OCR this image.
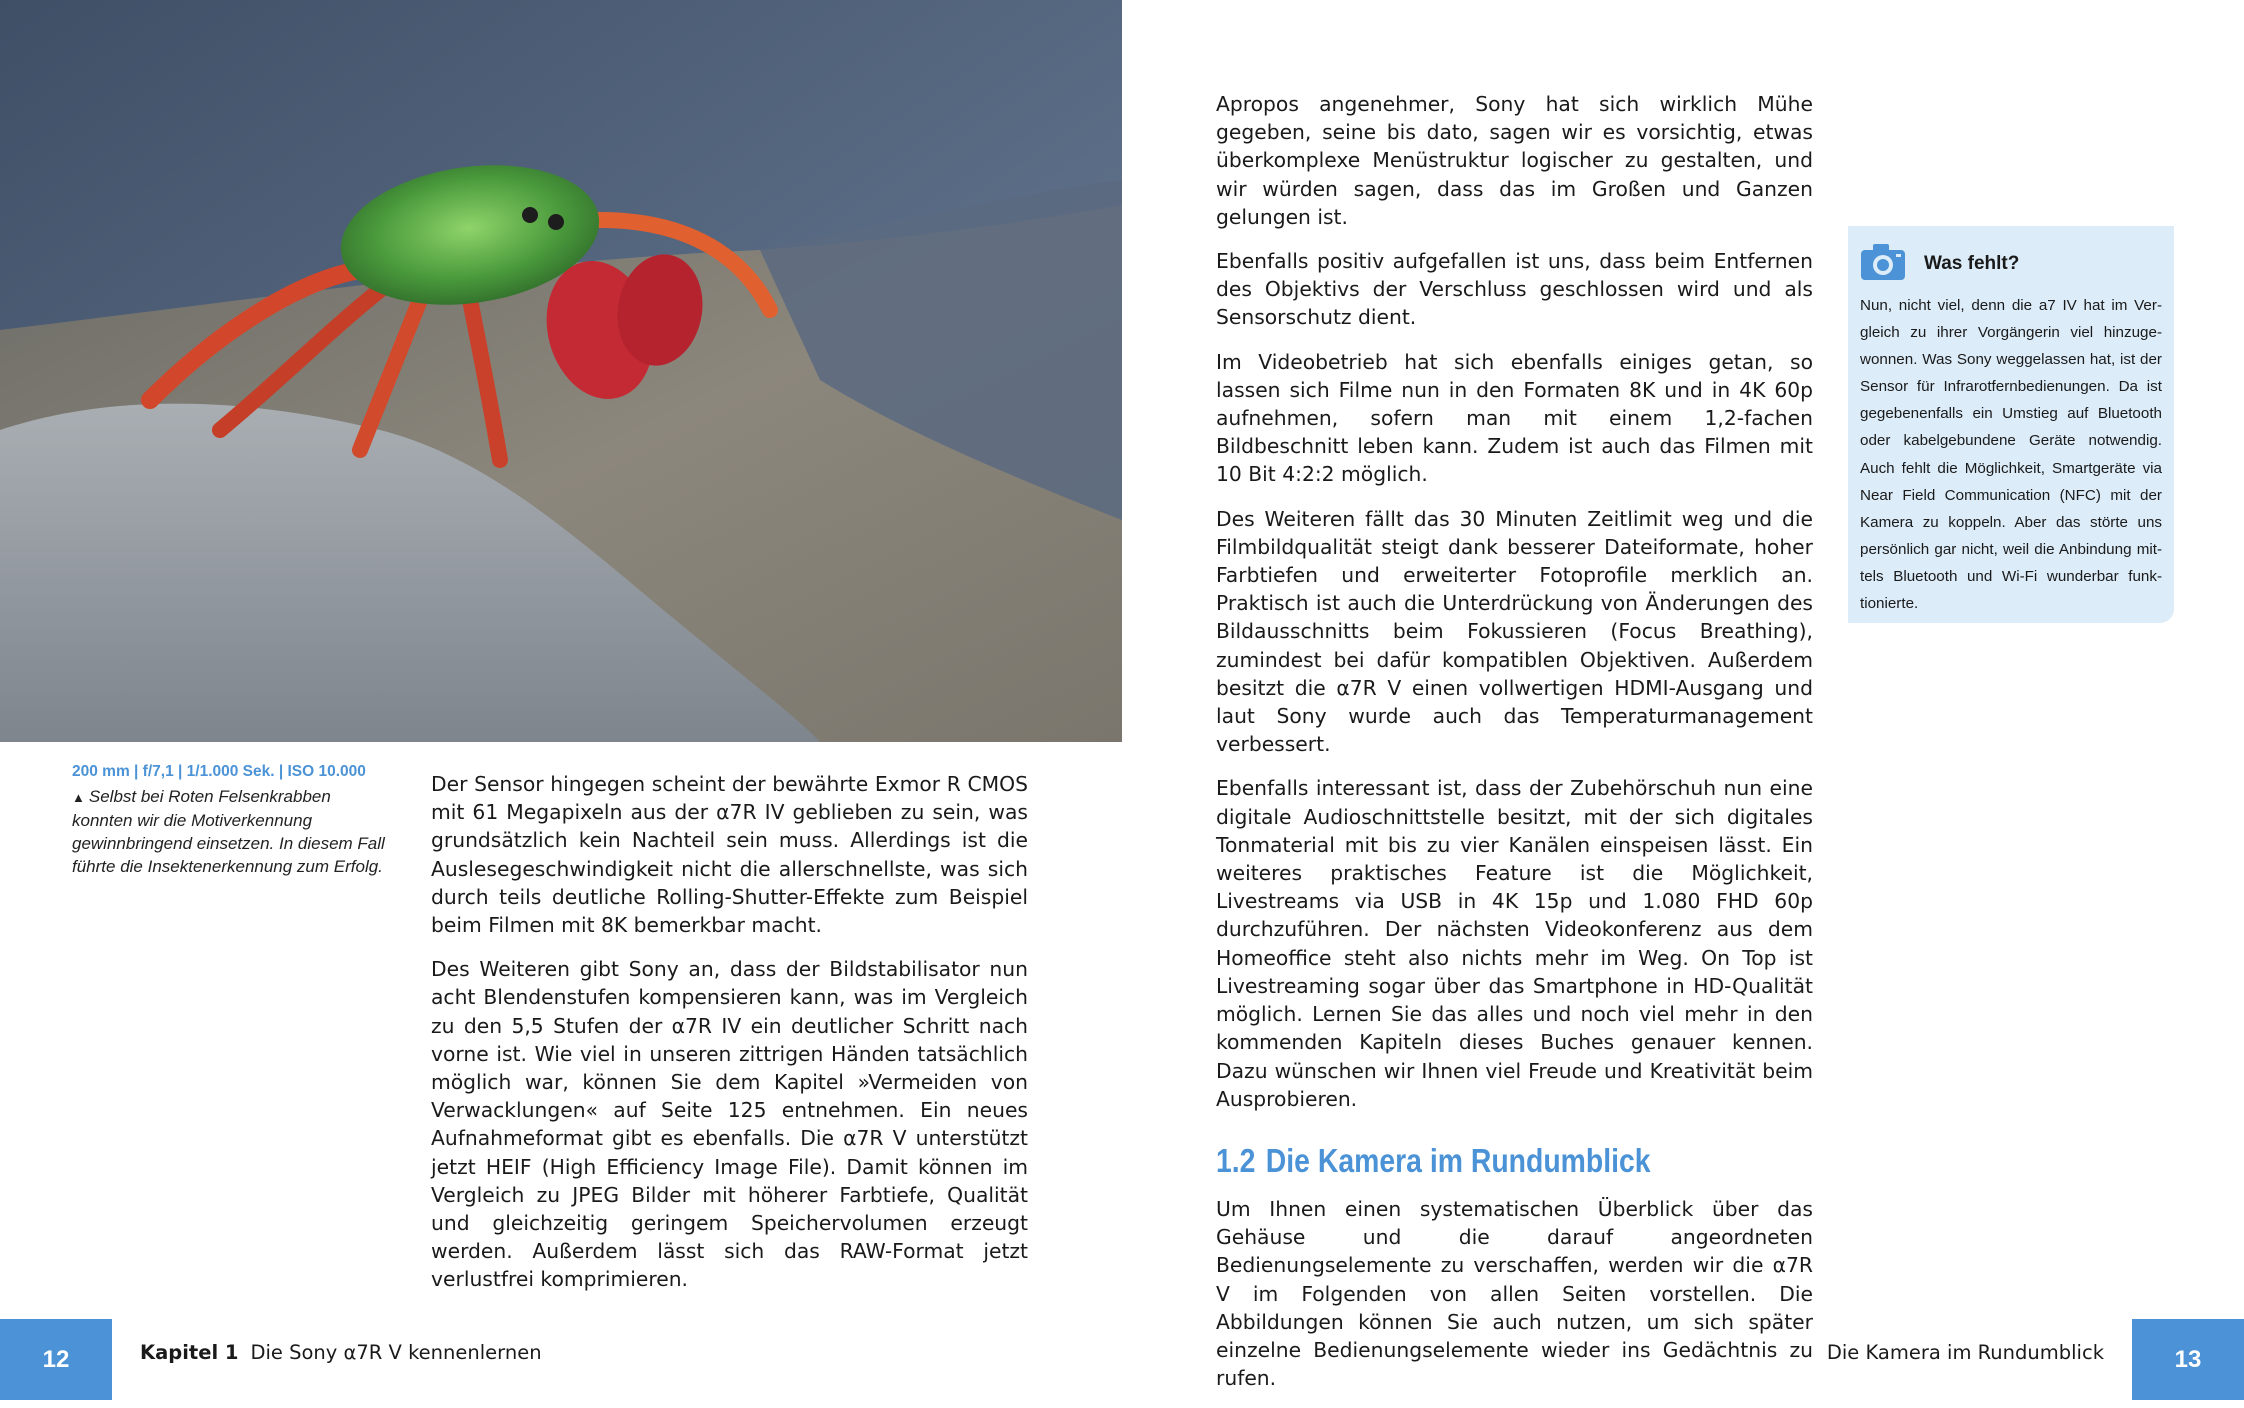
200 mm | f/7,1 | 1/1.000 Sek. | ISO 10.000
▲ Selbst bei Roten Felsenkrabben konnten wir die Motiverkennung gewinnbringend einsetzen. In diesem Fall führte die Insektenerkennung zum Erfolg.

Der Sensor hingegen scheint der bewährte Exmor R CMOS mit 61 Megapixeln aus der α7R IV geblieben zu sein, was grundsätzlich kein Nachteil sein muss. Allerdings ist die Auslesegeschwindigkeit nicht die allerschnellste, was sich durch teils deutliche Rolling-Shutter-Effekte zum Beispiel beim Filmen mit 8K bemerkbar macht.

Des Weiteren gibt Sony an, dass der Bildstabilisator nun acht Blendenstufen kompensieren kann, was im Vergleich zu den 5,5 Stufen der α7R IV ein deutlicher Schritt nach vorne ist. Wie viel in unseren zittrigen Händen tatsächlich möglich war, können Sie dem Kapitel »Vermeiden von Verwacklungen« auf Seite 125 entnehmen. Ein neues Aufnahmeformat gibt es ebenfalls. Die α7R V unterstützt jetzt HEIF (High Efficiency Image File). Damit können im Vergleich zu JPEG Bilder mit höherer Farbtiefe, Qualität und gleichzeitig geringem Speichervolumen erzeugt werden. Außerdem lässt sich das RAW-Format jetzt verlustfrei komprimieren.

Apropos angenehmer, Sony hat sich wirklich Mühe gegeben, seine bis dato, sagen wir es vorsichtig, etwas überkomplexe Menüstruktur logischer zu gestalten, und wir würden sagen, dass das im Großen und Ganzen gelungen ist.

Ebenfalls positiv aufgefallen ist uns, dass beim Entfernen des Objektivs der Verschluss geschlossen wird und als Sensorschutz dient.

Im Videobetrieb hat sich ebenfalls einiges getan, so lassen sich Filme nun in den Formaten 8K und in 4K 60p aufnehmen, sofern man mit einem 1,2-fachen Bildbeschnitt leben kann. Zudem ist auch das Filmen mit 10 Bit 4:2:2 möglich.

Des Weiteren fällt das 30 Minuten Zeitlimit weg und die Filmbildqualität steigt dank besserer Dateiformate, hoher Farbtiefen und erweiterter Fotoprofile merklich an. Praktisch ist auch die Unterdrückung von Änderungen des Bildausschnitts beim Fokussieren (Focus Breathing), zumindest bei dafür kompatiblen Objektiven. Außerdem besitzt die α7R V einen vollwertigen HDMI-Ausgang und laut Sony wurde auch das Temperaturmanagement verbessert.

Ebenfalls interessant ist, dass der Zubehörschuh nun eine digitale Audioschnittstelle besitzt, mit der sich digitales Tonmaterial mit bis zu vier Kanälen einspeisen lässt. Ein weiteres praktisches Feature ist die Möglichkeit, Livestreams via USB in 4K 15p und 1.080 FHD 60p durchzuführen. Der nächsten Videokonferenz aus dem Homeoffice steht also nichts mehr im Weg. On Top ist Livestreaming sogar über das Smartphone in HD-Qualität möglich. Lernen Sie das alles und noch viel mehr in den kommenden Kapiteln dieses Buches genauer kennen. Dazu wünschen wir Ihnen viel Freude und Kreativität beim Ausprobieren.

1.2 Die Kamera im Rundumblick

Um Ihnen einen systematischen Überblick über das Gehäuse und die darauf angeordneten Bedienungselemente zu verschaffen, werden wir die α7R V im Folgenden von allen Seiten vorstellen. Die Abbildungen können Sie auch nutzen, um sich später einzelne Bedienungselemente wieder ins Gedächtnis zu rufen.

Was fehlt?
Nun, nicht viel, denn die a7 IV hat im Vergleich zu ihrer Vorgängerin viel hinzugewonnen. Was Sony weggelassen hat, ist der Sensor für Infrarotfernbedienungen. Da ist gegebenenfalls ein Umstieg auf Bluetooth oder kabelgebundene Geräte notwendig. Auch fehlt die Möglichkeit, Smartgeräte via Near Field Communication (NFC) mit der Kamera zu koppeln. Aber das störte uns persönlich gar nicht, weil die Anbindung mittels Bluetooth und Wi-Fi wunderbar funktionierte.
12	Kapitel 1 Die Sony α7R V kennenlernen	Die Kamera im Rundumblick	13
